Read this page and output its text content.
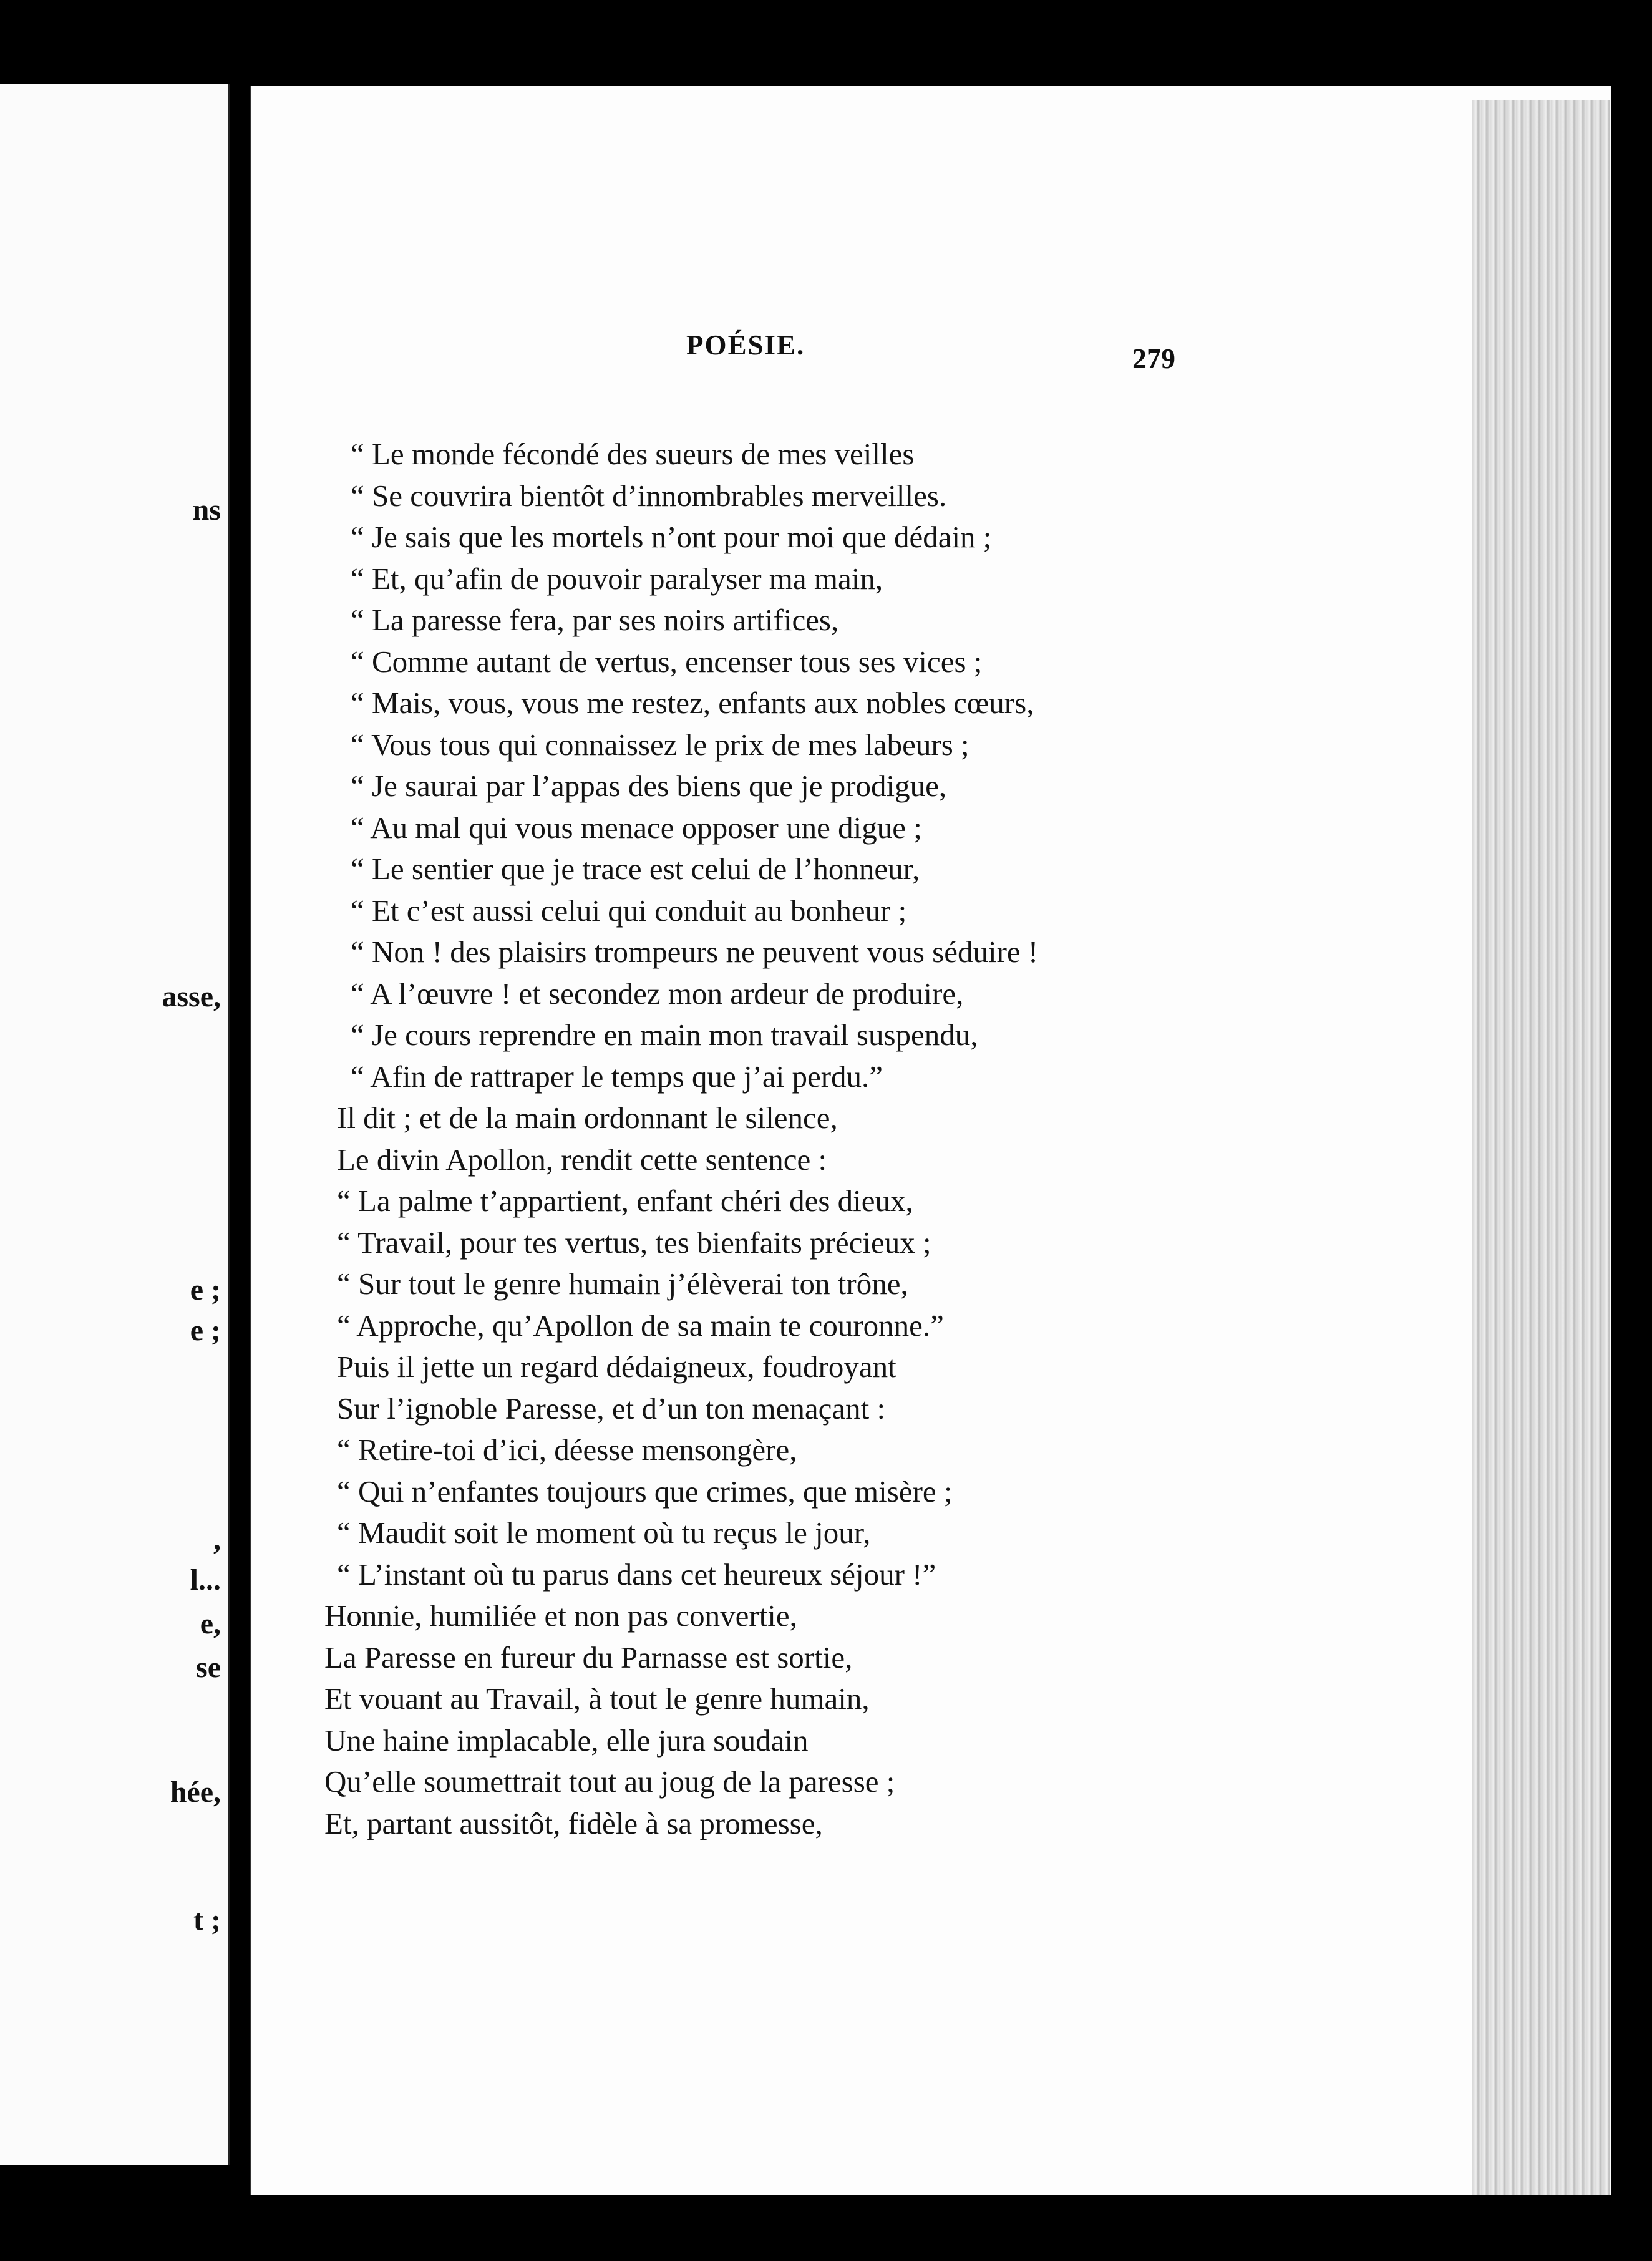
ns
asse,
e ;
e ;
,
l...
e,
se
hée,
t ;
POÉSIE.	279
“ Le monde fécondé des sueurs de mes veilles
“ Se couvrira bientôt d’innombrables merveilles.
“ Je sais que les mortels n’ont pour moi que dédain ;
“ Et, qu’afin de pouvoir paralyser ma main,
“ La paresse fera, par ses noirs artifices,
“ Comme autant de vertus, encenser tous ses vices ;
“ Mais, vous, vous me restez, enfants aux nobles cœurs,
“ Vous tous qui connaissez le prix de mes labeurs ;
“ Je saurai par l’appas des biens que je prodigue,
“ Au mal qui vous menace opposer une digue ;
“ Le sentier que je trace est celui de l’honneur,
“ Et c’est aussi celui qui conduit au bonheur ;
“ Non ! des plaisirs trompeurs ne peuvent vous séduire !
“ A l’œuvre ! et secondez mon ardeur de produire,
“ Je cours reprendre en main mon travail suspendu,
“ Afin de rattraper le temps que j’ai perdu.”
Il dit ; et de la main ordonnant le silence,
Le divin Apollon, rendit cette sentence :
“ La palme t’appartient, enfant chéri des dieux,
“ Travail, pour tes vertus, tes bienfaits précieux ;
“ Sur tout le genre humain j’élèverai ton trône,
“ Approche, qu’Apollon de sa main te couronne.”
Puis il jette un regard dédaigneux, foudroyant
Sur l’ignoble Paresse, et d’un ton menaçant :
“ Retire-toi d’ici, déesse mensongère,
“ Qui n’enfantes toujours que crimes, que misère ;
“ Maudit soit le moment où tu reçus le jour,
“ L’instant où tu parus dans cet heureux séjour !”
Honnie, humiliée et non pas convertie,
La Paresse en fureur du Parnasse est sortie,
Et vouant au Travail, à tout le genre humain,
Une haine implacable, elle jura soudain
Qu’elle soumettrait tout au joug de la paresse ;
Et, partant aussitôt, fidèle à sa promesse,
